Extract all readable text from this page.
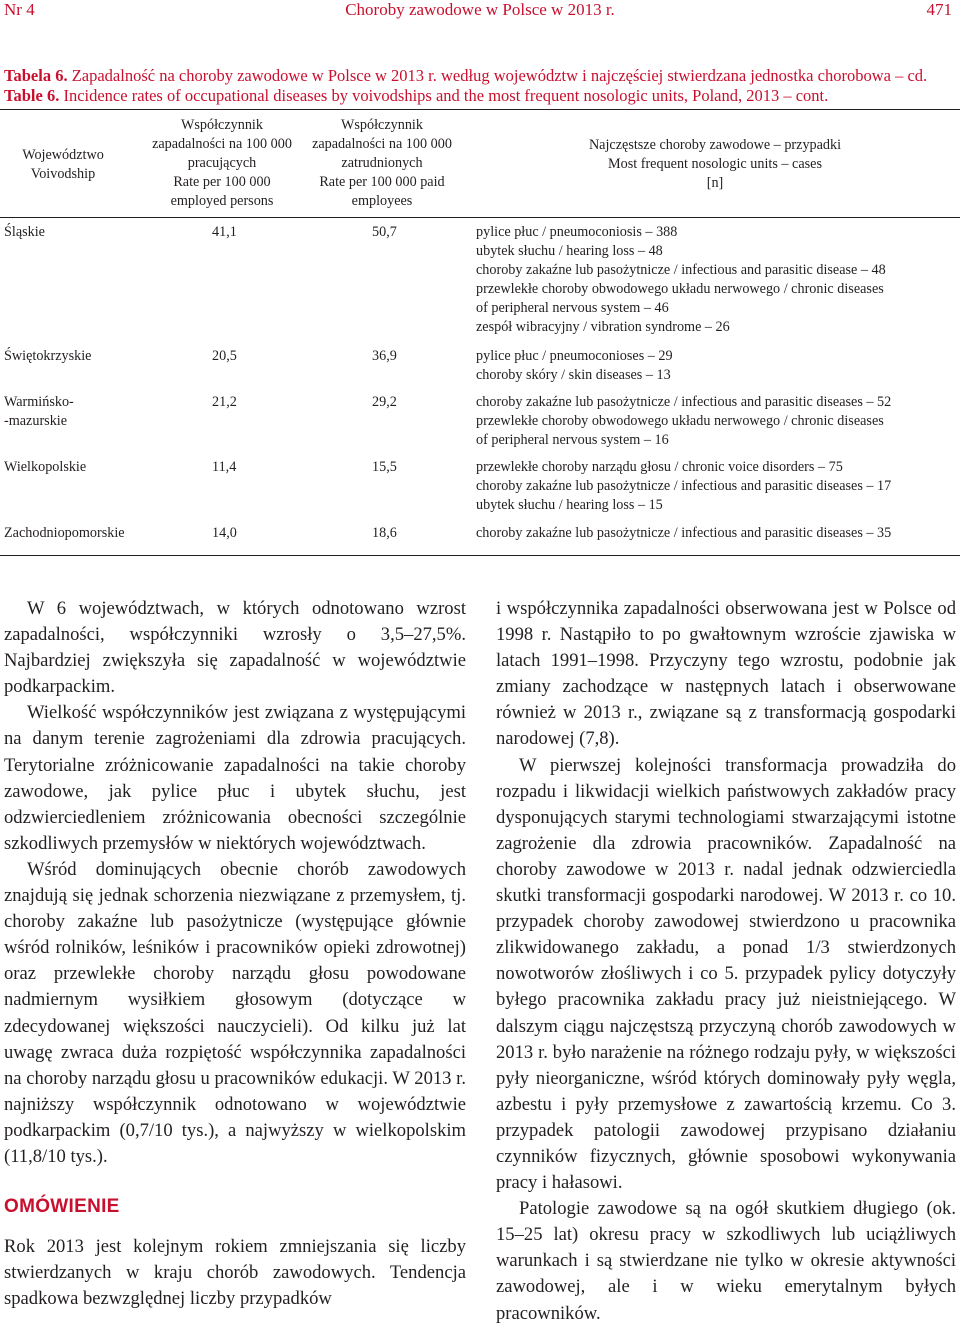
Nr 4	Choroby zawodowe w Polsce w 2013 r.	471
Tabela 6. Zapadalność na choroby zawodowe w Polsce w 2013 r. według województw i najczęściej stwierdzana jednostka chorobowa – cd.
Table 6. Incidence rates of occupational diseases by voivodships and the most frequent nosologic units, Poland, 2013 – cont.
Województwo
Voivodship
Współczynnik
zapadalności na 100 000
pracujących
Rate per 100 000
employed persons
Współczynnik
zapadalności na 100 000
zatrudnionych
Rate per 100 000 paid
employees
Najczęstsze choroby zawodowe – przypadki
Most frequent nosologic units – cases
[n]
Śląskie	41,1	50,7	pylice płuc / pneumoconiosis – 388
ubytek słuchu / hearing loss – 48
choroby zakaźne lub pasożytnicze / infectious and parasitic disease – 48
przewlekłe choroby obwodowego układu nerwowego / chronic diseases
of peripheral nervous system – 46
zespół wibracyjny / vibration syndrome – 26
Świętokrzyskie	20,5	36,9	pylice płuc / pneumoconioses – 29
choroby skóry / skin diseases – 13
Warmińsko-
-mazurskie
21,2	29,2	choroby zakaźne lub pasożytnicze / infectious and parasitic diseases – 52
przewlekłe choroby obwodowego układu nerwowego / chronic diseases
of peripheral nervous system – 16
Wielkopolskie	11,4	15,5	przewlekłe choroby narządu głosu / chronic voice disorders – 75
choroby zakaźne lub pasożytnicze / infectious and parasitic diseases – 17
ubytek słuchu / hearing loss – 15
Zachodniopomorskie	14,0	18,6	choroby zakaźne lub pasożytnicze / infectious and parasitic diseases – 35

W 6 województwach, w których odnotowano wzrost zapadalności, współczynniki wzrosły o 3,5–27,5%. Najbardziej zwiększyła się zapadalność w województwie podkarpackim.

Wielkość współczynników jest związana z występującymi na danym terenie zagrożeniami dla zdrowia pracujących. Terytorialne zróżnicowanie zapadalności na takie choroby zawodowe, jak pylice płuc i ubytek słuchu, jest odzwierciedleniem zróżnicowania obecności szczególnie szkodliwych przemysłów w niektórych województwach.

Wśród dominujących obecnie chorób zawodowych znajdują się jednak schorzenia niezwiązane z przemysłem, tj. choroby zakaźne lub pasożytnicze (występujące głównie wśród rolników, leśników i pracowników opieki zdrowotnej) oraz przewlekłe choroby narządu głosu powodowane nadmiernym wysiłkiem głosowym (dotyczące w zdecydowanej większości nauczycieli). Od kilku już lat uwagę zwraca duża rozpiętość współczynnika zapadalności na choroby narządu głosu u pracowników edukacji. W 2013 r. najniższy współczynnik odnotowano w województwie podkarpackim (0,7/10 tys.), a najwyższy w wielkopolskim (11,8/10 tys.).

OMÓWIENIE

Rok 2013 jest kolejnym rokiem zmniejszania się liczby stwierdzanych w kraju chorób zawodowych. Tendencja spadkowa bezwzględnej liczby przypadków

i współczynnika zapadalności obserwowana jest w Polsce od 1998 r. Nastąpiło to po gwałtownym wzroście zjawiska w latach 1991–1998. Przyczyny tego wzrostu, podobnie jak zmiany zachodzące w następnych latach i obserwowane również w 2013 r., związane są z transformacją gospodarki narodowej (7,8).

W pierwszej kolejności transformacja prowadziła do rozpadu i likwidacji wielkich państwowych zakładów pracy dysponujących starymi technologiami stwarzającymi istotne zagrożenie dla zdrowia pracowników. Zapadalność na choroby zawodowe w 2013 r. nadal jednak odzwierciedla skutki transformacji gospodarki narodowej. W 2013 r. co 10. przypadek choroby zawodowej stwierdzono u pracownika zlikwidowanego zakładu, a ponad 1/3 stwierdzonych nowotworów złośliwych i co 5. przypadek pylicy dotyczyły byłego pracownika zakładu pracy już nieistniejącego. W dalszym ciągu najczęstszą przyczyną chorób zawodowych w 2013 r. było narażenie na różnego rodzaju pyły, w większości pyły nieorganiczne, wśród których dominowały pyły węgla, azbestu i pyły przemysłowe z zawartością krzemu. Co 3. przypadek patologii zawodowej przypisano działaniu czynników fizycznych, głównie sposobowi wykonywania pracy i hałasowi.

Patologie zawodowe są na ogół skutkiem długiego (ok. 15–25 lat) okresu pracy w szkodliwych lub uciążliwych warunkach i są stwierdzane nie tylko w okresie aktywności zawodowej, ale i w wieku emerytalnym byłych pracowników.
